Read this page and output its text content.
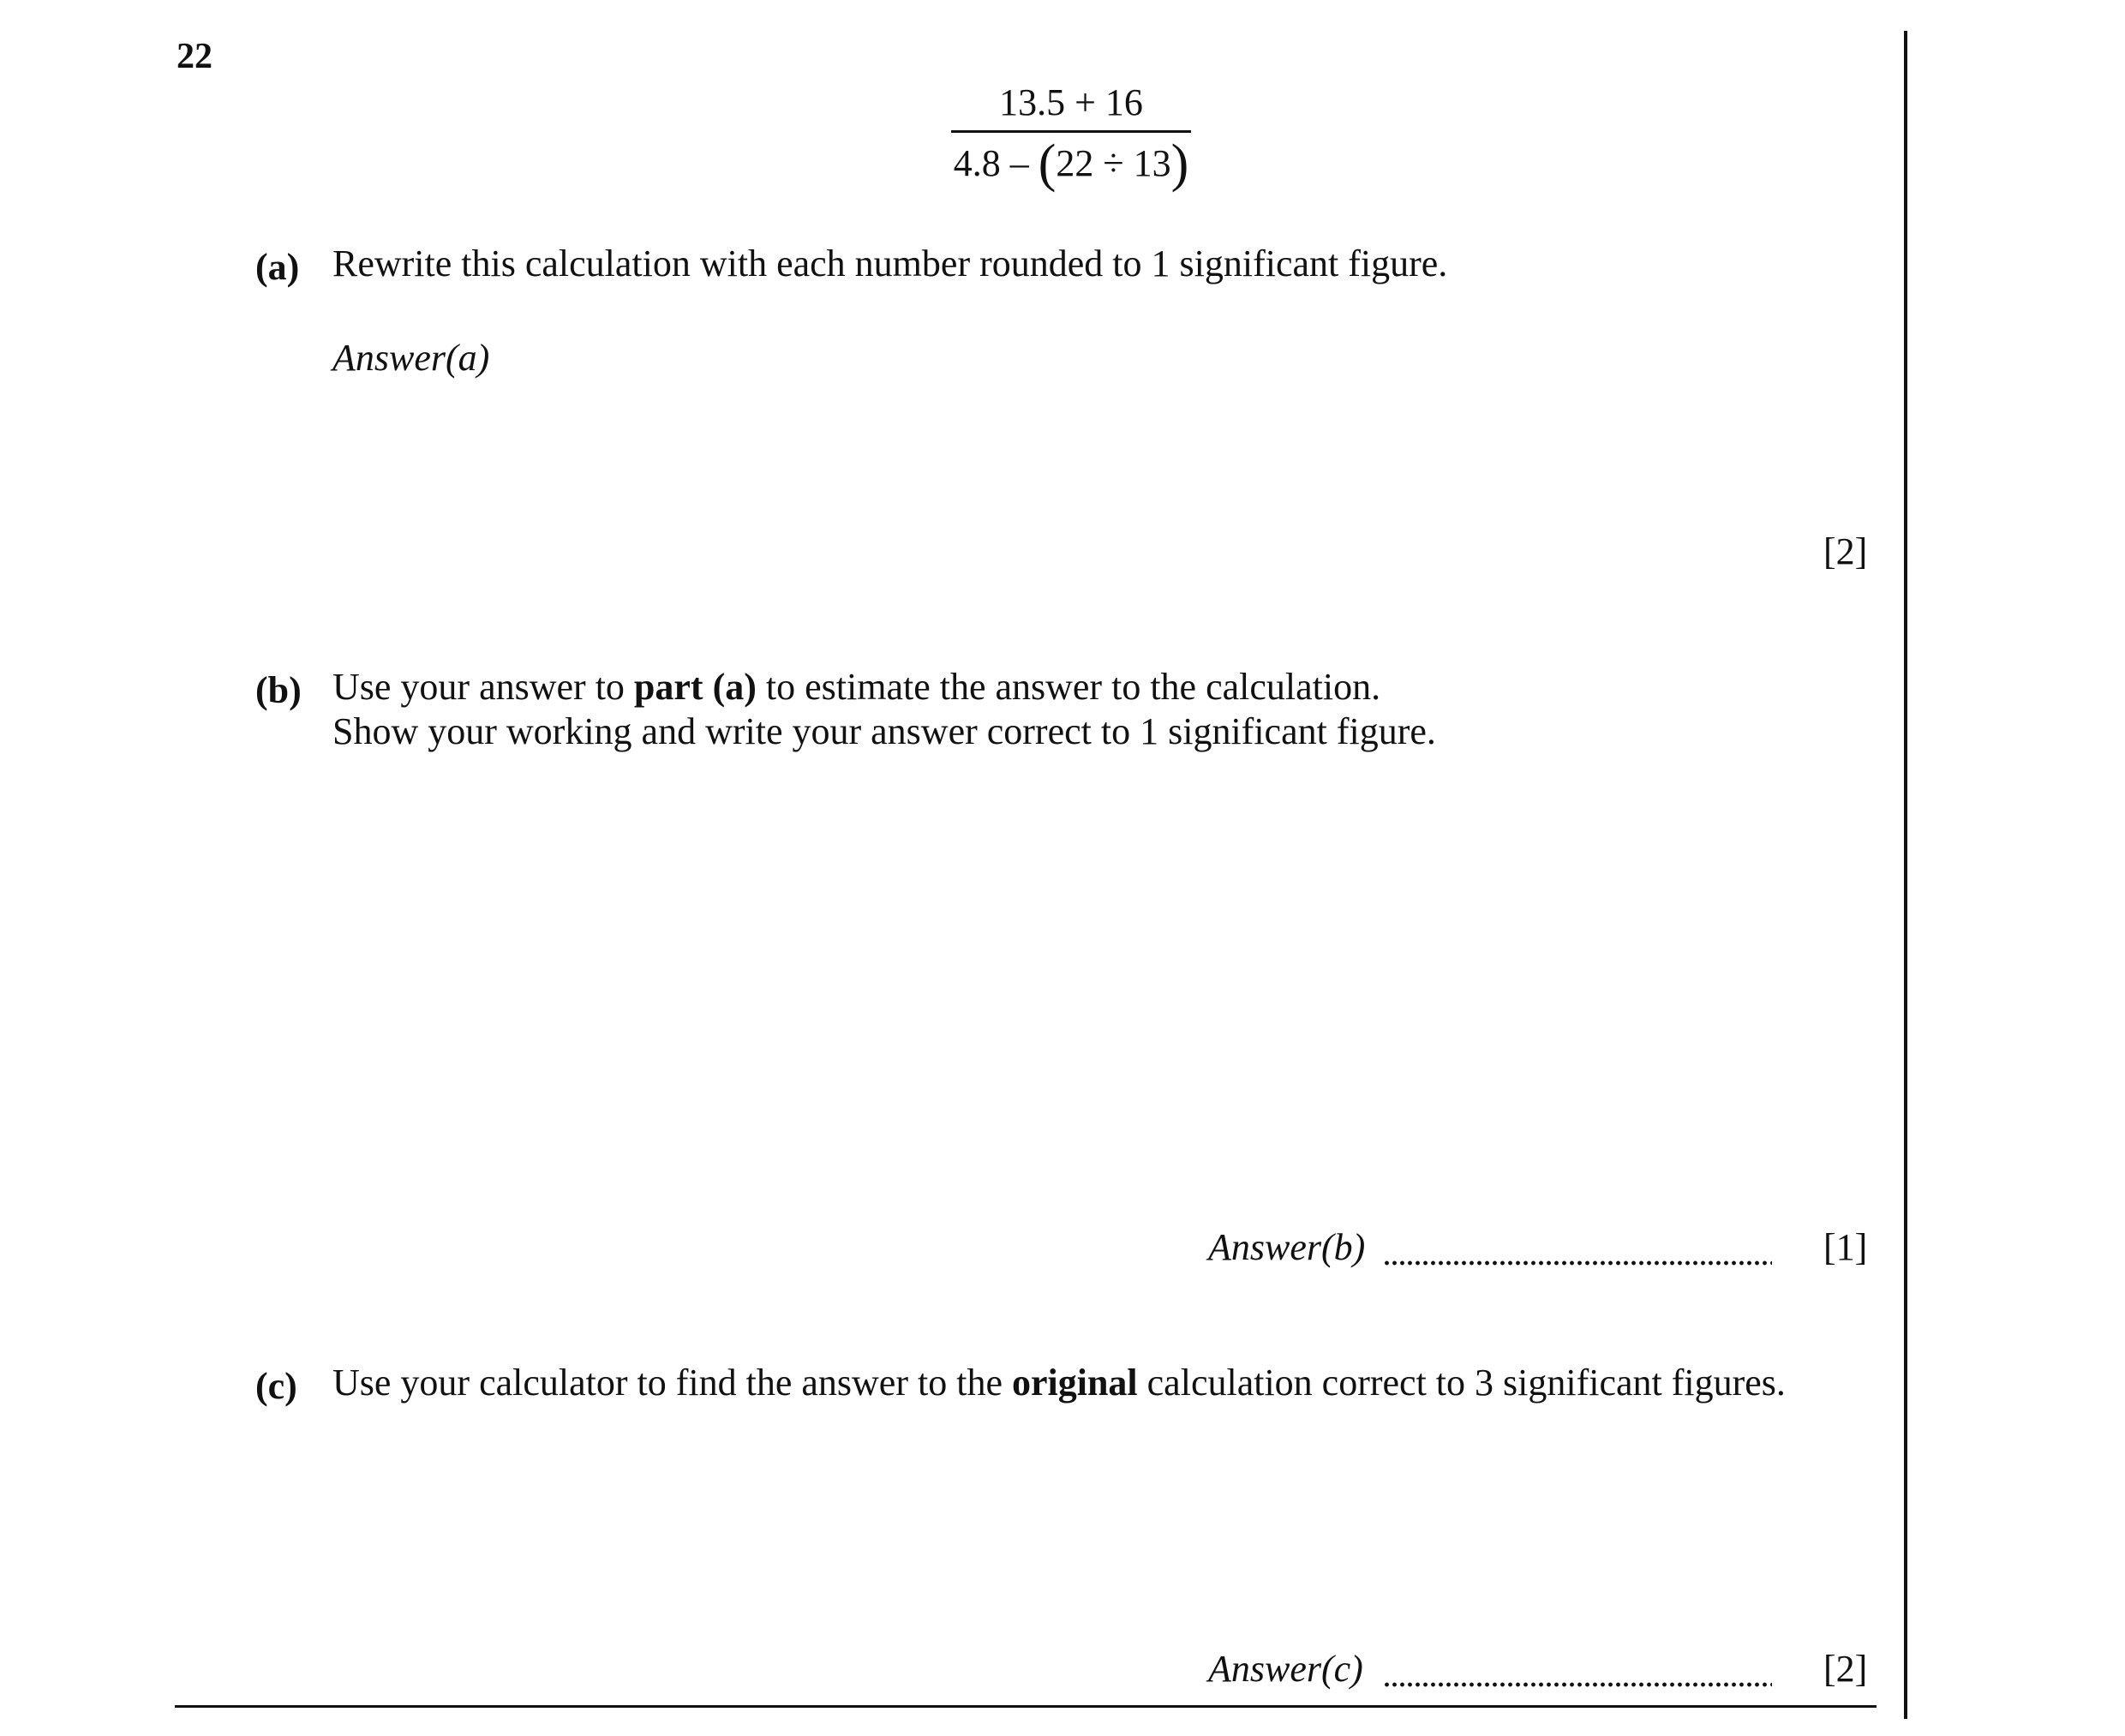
22
13.5 + 16
4.8 – (22 ÷ 13)
(a) Rewrite this calculation with each number rounded to 1 significant figure.
Answer(a)
[2]
(b) Use your answer to part (a) to estimate the answer to the calculation.
Show your working and write your answer correct to 1 significant figure.
Answer(b)	[1]
(c) Use your calculator to find the answer to the original calculation correct to 3 significant figures.
Answer(c)	[2]
